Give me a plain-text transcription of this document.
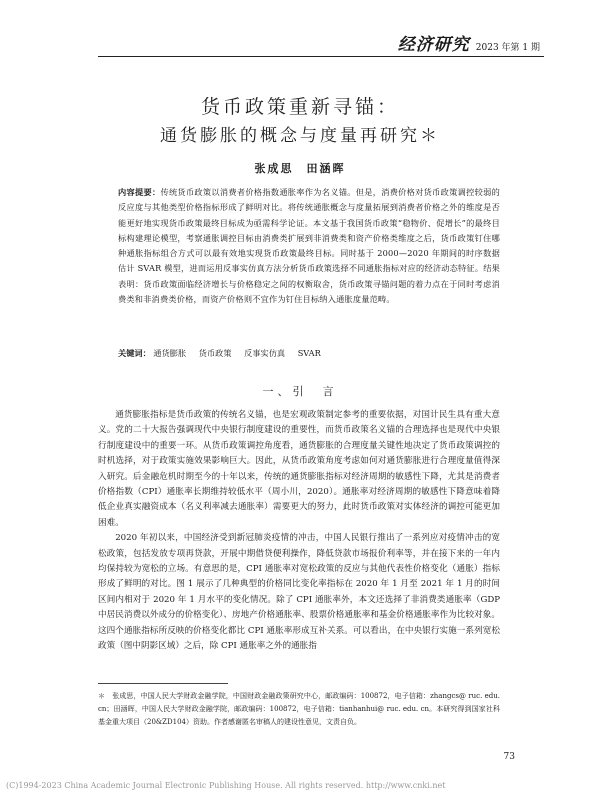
经济研究 2023 年第 1 期
货币政策重新寻锚：
通货膨胀的概念与度量再研究＊
张成思　田涵晖
内容提要：传统货币政策以消费者价格指数通胀率作为名义锚。但是，消费价格对货币政策调控较弱的反应度与其他类型价格指标形成了鲜明对比。将传统通胀概念与度量拓展到消费者价格之外的维度是否能更好地实现货币政策最终目标成为亟需科学论证。本文基于我国货币政策“稳物价、促增长”的最终目标构建理论模型，考察通胀调控目标由消费类扩展到非消费类和资产价格类维度之后，货币政策钉住哪种通胀指标组合方式可以最有效地实现货币政策最终目标。同时基于 2000—2020 年期间的时序数据估计 SVAR 模型，进而运用反事实仿真方法分析货币政策选择不同通胀指标对应的经济动态特征。结果表明：货币政策面临经济增长与价格稳定之间的权衡取舍，货币政策寻锚问题的着力点在于同时考虑消费类和非消费类价格，而资产价格则不宜作为钉住目标纳入通胀度量范畴。
关键词： 通货膨胀 货币政策 反事实仿真 SVAR
一、引　言

通货膨胀指标是货币政策的传统名义锚，也是宏观政策制定参考的重要依据，对国计民生具有重大意义。党的二十大报告强调现代中央银行制度建设的重要性，而货币政策名义锚的合理选择也是现代中央银行制度建设中的重要一环。从货币政策调控角度看，通货膨胀的合理度量关键性地决定了货币政策调控的时机选择，对于政策实施效果影响巨大。因此，从货币政策角度考虑如何对通货膨胀进行合理度量值得深入研究。后金融危机时期至今的十年以来，传统的通货膨胀指标对经济周期的敏感性下降，尤其是消费者价格指数（CPI）通胀率长期维持较低水平（周小川，2020）。通胀率对经济周期的敏感性下降意味着降低企业真实融资成本（名义利率减去通胀率）需要更大的努力，此时货币政策对实体经济的调控可能更加困难。

2020 年初以来，中国经济受到新冠肺炎疫情的冲击，中国人民银行推出了一系列应对疫情冲击的宽松政策，包括发放专项再贷款，开展中期借贷便利操作，降低贷款市场报价利率等，并在接下来的一年内均保持较为宽松的立场。有意思的是，CPI 通胀率对宽松政策的反应与其他代表性价格变化（通胀）指标形成了鲜明的对比。图 1 展示了几种典型的价格同比变化率指标在 2020 年 1 月至 2021 年 1 月的时间区间内相对于 2020 年 1 月水平的变化情况。除了 CPI 通胀率外，本文还选择了非消费类通胀率（GDP 中居民消费以外成分的价格变化）、房地产价格通胀率、股票价格通胀率和基金价格通胀率作为比较对象。这四个通胀指标所反映的价格变化都比 CPI 通胀率形成互补关系。可以看出，在中央银行实施一系列宽松政策（图中阴影区域）之后，除 CPI 通胀率之外的通胀指

＊　张成思，中国人民大学财政金融学院，中国财政金融政策研究中心，邮政编码：100872，电子信箱：zhangcs@ ruc. edu. cn；田涵晖，中国人民大学财政金融学院，邮政编码：100872，电子信箱：tianhanhui@ ruc. edu. cn。本研究得到国家社科基金重大项目（20&ZD104）资助。作者感谢匿名审稿人的建设性意见，文责自负。
73
(C)1994-2023 China Academic Journal Electronic Publishing House. All rights reserved. http://www.cnki.net
